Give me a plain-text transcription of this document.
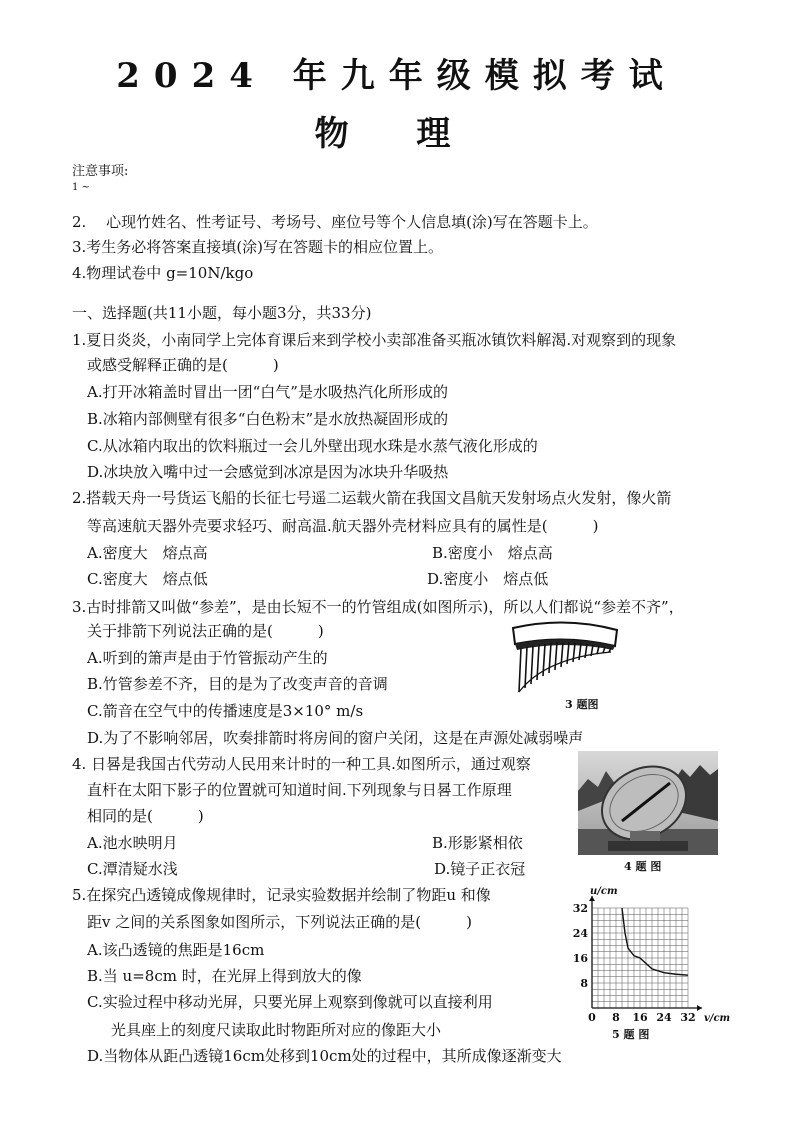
2024 年九年级模拟考试
物 理
注意事项:
1 ~
2.　 心现竹姓名、性考证号、考场号、座位号等个人信息填(涂)写在答题卡上。
3.考生务必将答案直接填(涂)写在答题卡的相应位置上。
4.物理试卷中 g=10N/kgo
一、选择题(共11小题，每小题3分，共33分)
1.夏日炎炎，小南同学上完体育课后来到学校小卖部准备买瓶冰镇饮料解渴.对观察到的现象
或感受解释正确的是(　　　)
A.打开冰箱盖时冒出一团“白气”是水吸热汽化所形成的
B.冰箱内部侧壁有很多“白色粉末”是水放热凝固形成的
C.从冰箱内取出的饮料瓶过一会儿外壁出现水珠是水蒸气液化形成的
D.冰块放入嘴中过一会感觉到冰凉是因为冰块升华吸热
2.搭载天舟一号货运飞船的长征七号遥二运载火箭在我国文昌航天发射场点火发射，像火箭
等高速航天器外壳要求轻巧、耐高温.航天器外壳材料应具有的属性是(　　　)
A.密度大　熔点高	B.密度小　熔点高
C.密度大　熔点低	D.密度小　熔点低
3.古时排箭又叫做“参差”，是由长短不一的竹管组成(如图所示)，所以人们都说“参差不齐”，
关于排箭下列说法正确的是(　　　)
A.听到的箫声是由于竹管振动产生的
B.竹管参差不齐，目的是为了改变声音的音调
C.箭音在空气中的传播速度是3×10° m/s
D.为了不影响邻居，吹奏排箭时将房间的窗户关闭，这是在声源处减弱噪声
3 题图
4. 日晷是我国古代劳动人民用来计时的一种工具.如图所示，通过观察
直杆在太阳下影子的位置就可知道时间.下列现象与日晷工作原理
相同的是(　　　)
A.池水映明月	B.形影紧相依
C.潭清疑水浅	D.镜子正衣冠	4 题 图
5.在探究凸透镜成像规律时，记录实验数据并绘制了物距u 和像
距v 之间的关系图象如图所示，下列说法正确的是(　　　)
A.该凸透镜的焦距是16cm
B.当 u=8cm 时，在光屏上得到放大的像
C.实验过程中移动光屏，只要光屏上观察到像就可以直接利用
光具座上的刻度尺读取此时物距所对应的像距大小
D.当物体从距凸透镜16cm处移到10cm处的过程中，其所成像逐渐变大
0 8 16 24 32
32
24
16
8
u/cm
v/cm
5 题 图
